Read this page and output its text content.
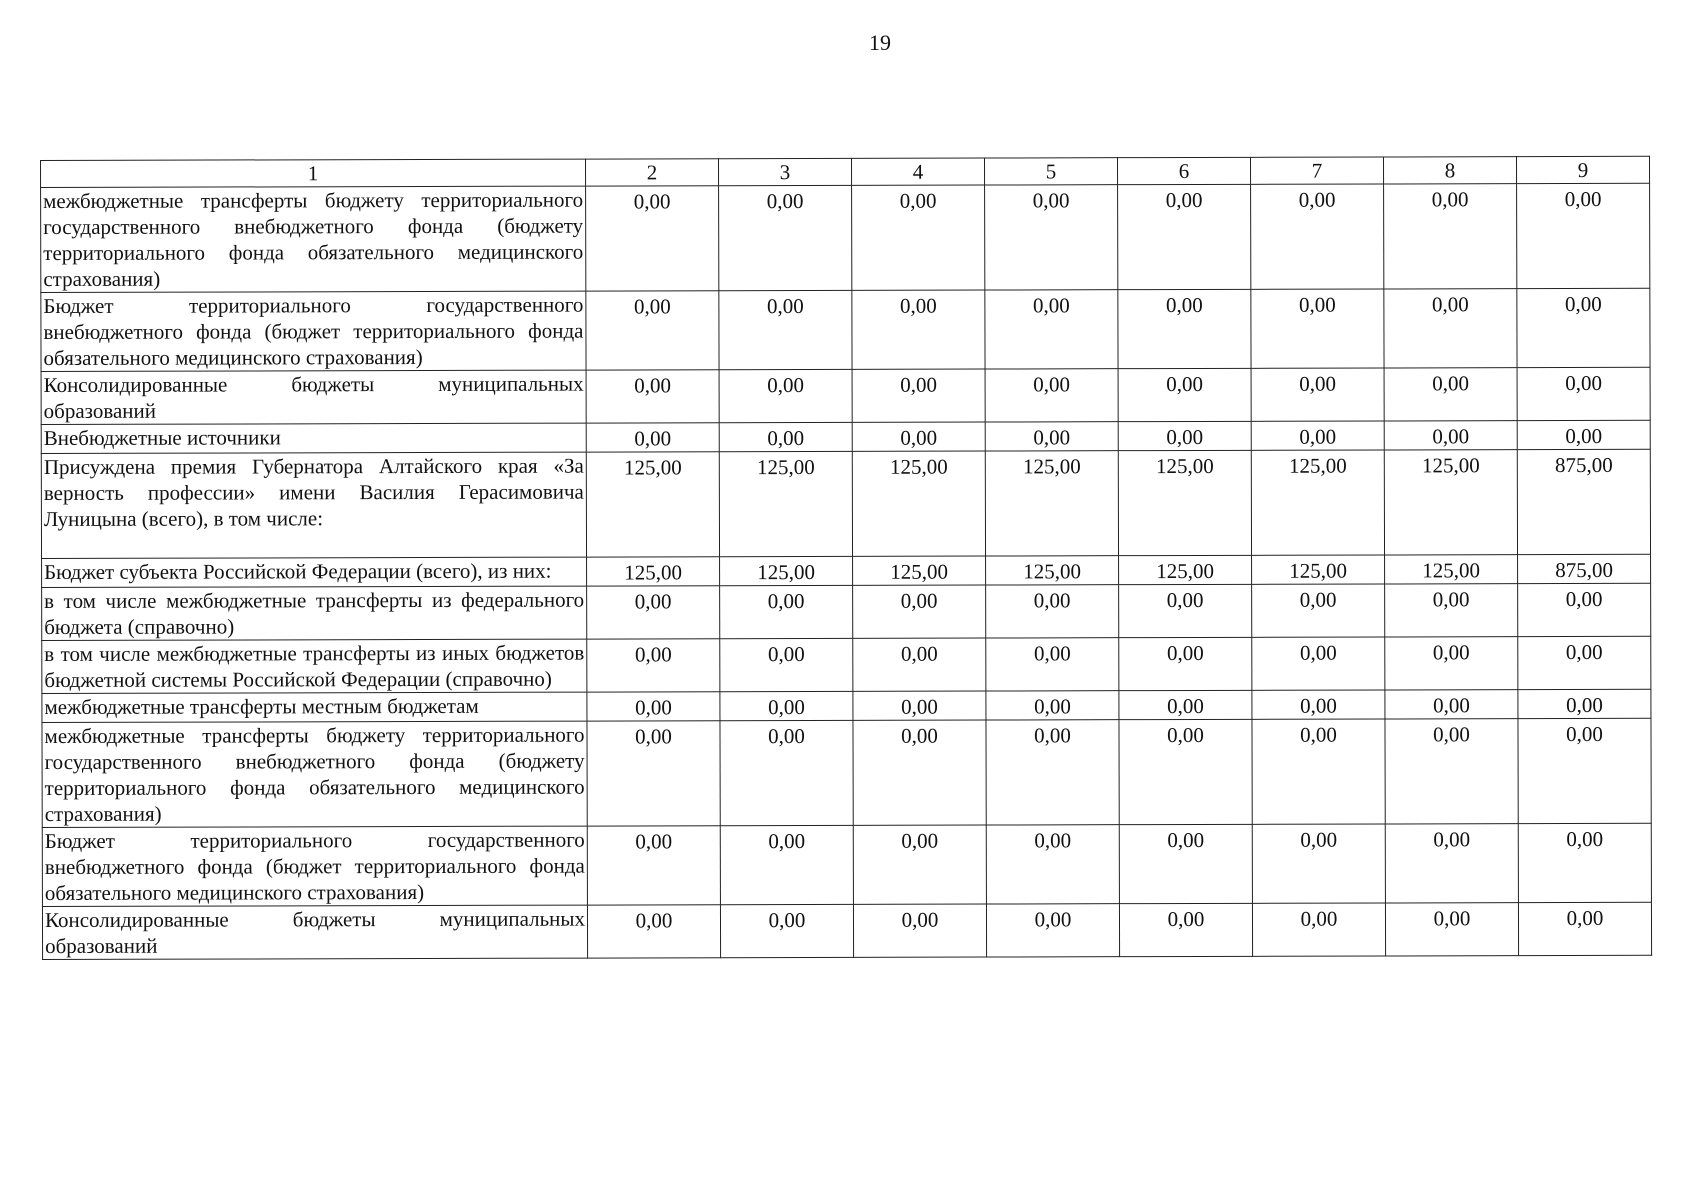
19
1	2	3	4	5	6	7	8	9
межбюджетные трансферты бюджету территориального государственного внебюджетного фонда (бюджету территориального фонда обязательного медицинского страхования)	0,00	0,00	0,00	0,00	0,00	0,00	0,00	0,00
Бюджет территориального государственного внебюджетного фонда (бюджет территориального фонда обязательного медицинского страхования)	0,00	0,00	0,00	0,00	0,00	0,00	0,00	0,00
Консолидированные бюджеты муниципальных образований	0,00	0,00	0,00	0,00	0,00	0,00	0,00	0,00
Внебюджетные источники	0,00	0,00	0,00	0,00	0,00	0,00	0,00	0,00
Присуждена премия Губернатора Алтайского края «За верность профессии» имени Василия Герасимовича Луницына (всего), в том числе:	125,00	125,00	125,00	125,00	125,00	125,00	125,00	875,00
Бюджет субъекта Российской Федерации (всего), из них:	125,00	125,00	125,00	125,00	125,00	125,00	125,00	875,00
в том числе межбюджетные трансферты из федерального бюджета (справочно)	0,00	0,00	0,00	0,00	0,00	0,00	0,00	0,00
в том числе межбюджетные трансферты из иных бюджетов бюджетной системы Российской Федерации (справочно)	0,00	0,00	0,00	0,00	0,00	0,00	0,00	0,00
межбюджетные трансферты местным бюджетам	0,00	0,00	0,00	0,00	0,00	0,00	0,00	0,00
межбюджетные трансферты бюджету территориального государственного внебюджетного фонда (бюджету территориального фонда обязательного медицинского страхования)	0,00	0,00	0,00	0,00	0,00	0,00	0,00	0,00
Бюджет территориального государственного внебюджетного фонда (бюджет территориального фонда обязательного медицинского страхования)	0,00	0,00	0,00	0,00	0,00	0,00	0,00	0,00
Консолидированные бюджеты муниципальных образований	0,00	0,00	0,00	0,00	0,00	0,00	0,00	0,00
